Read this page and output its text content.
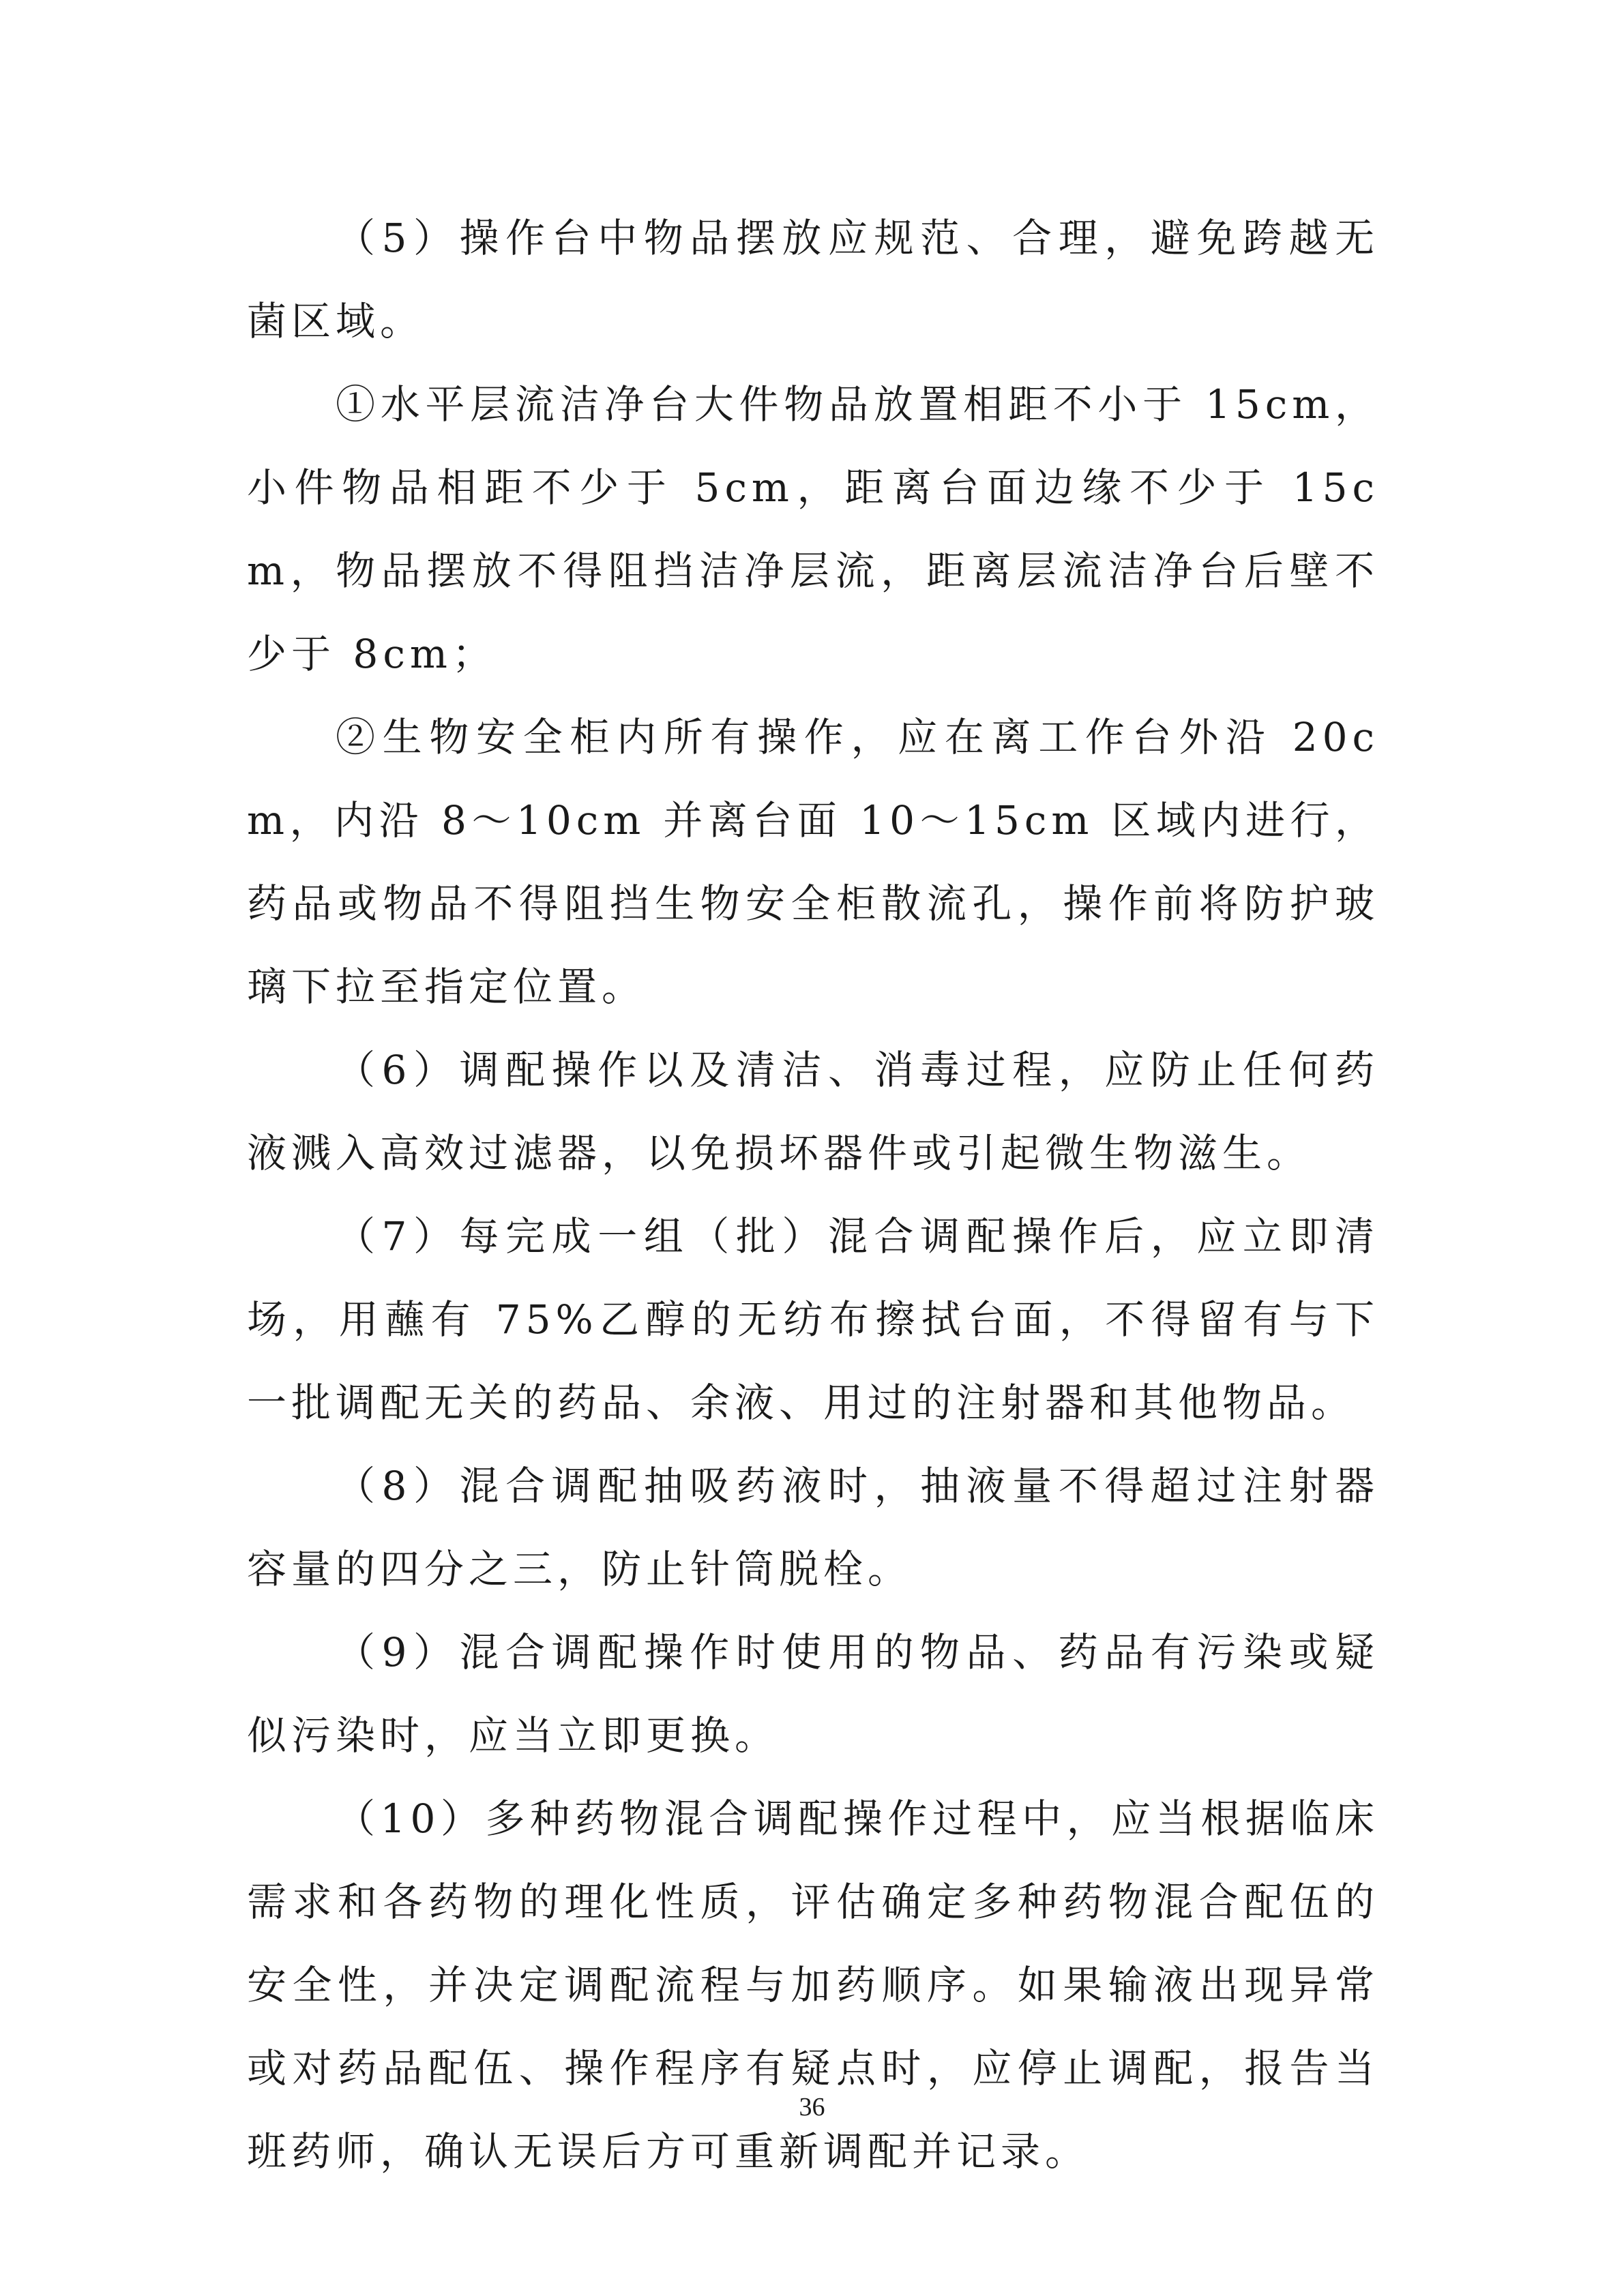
（5）操作台中物品摆放应规范、合理，避免跨越无菌区域。

①水平层流洁净台大件物品放置相距不小于 15cm，小件物品相距不少于 5cm，距离台面边缘不少于 15cm，物品摆放不得阻挡洁净层流，距离层流洁净台后壁不少于 8cm；

②生物安全柜内所有操作，应在离工作台外沿 20cm，内沿 8～10cm 并离台面 10～15cm 区域内进行，药品或物品不得阻挡生物安全柜散流孔，操作前将防护玻璃下拉至指定位置。

（6）调配操作以及清洁、消毒过程，应防止任何药液溅入高效过滤器，以免损坏器件或引起微生物滋生。

（7）每完成一组（批）混合调配操作后，应立即清场，用蘸有 75%乙醇的无纺布擦拭台面，不得留有与下一批调配无关的药品、余液、用过的注射器和其他物品。

（8）混合调配抽吸药液时，抽液量不得超过注射器容量的四分之三，防止针筒脱栓。

（9）混合调配操作时使用的物品、药品有污染或疑似污染时，应当立即更换。

（10）多种药物混合调配操作过程中，应当根据临床需求和各药物的理化性质，评估确定多种药物混合配伍的安全性，并决定调配流程与加药顺序。如果输液出现异常或对药品配伍、操作程序有疑点时，应停止调配，报告当班药师，确认无误后方可重新调配并记录。

36
